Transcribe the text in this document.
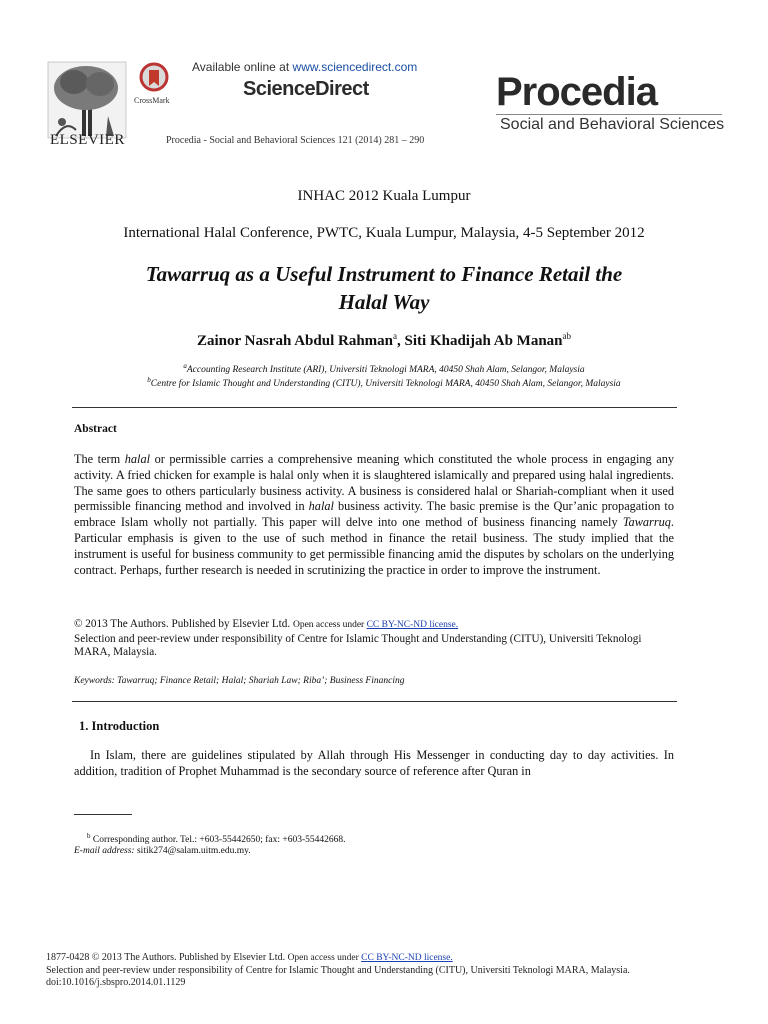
ELSEVIER
CrossMark
Available online at www.sciencedirect.com
ScienceDirect
Procedia - Social and Behavioral Sciences 121 (2014) 281 – 290
Procedia
Social and Behavioral Sciences
INHAC 2012 Kuala Lumpur
International Halal Conference, PWTC, Kuala Lumpur, Malaysia, 4-5 September 2012
Tawarruq as a Useful Instrument to Finance Retail the
Halal Way
Zainor Nasrah Abdul Rahman$^a$, Siti Khadijah Ab Manan$^{ab}$
$^a$Accounting Research Institute (ARI), Universiti Teknologi MARA, 40450 Shah Alam, Selangor, Malaysia
$^b$Centre for Islamic Thought and Understanding (CITU), Universiti Teknologi MARA, 40450 Shah Alam, Selangor, Malaysia
Abstract
The term halal or permissible carries a comprehensive meaning which constituted the whole process in engaging any activity. A fried chicken for example is halal only when it is slaughtered islamically and prepared using halal ingredients. The same goes to others particularly business activity. A business is considered halal or Shariah-compliant when it used permissible financing method and involved in halal business activity. The basic premise is the Qur’anic propagation to embrace Islam wholly not partially. This paper will delve into one method of business financing namely Tawarruq. Particular emphasis is given to the use of such method in finance the retail business. The study implied that the instrument is useful for business community to get permissible financing amid the disputes by scholars on the underlying contract. Perhaps, further research is needed in scrutinizing the practice in order to improve the instrument.
© 2013 The Authors. Published by Elsevier Ltd. Open access under CC BY-NC-ND license.
Selection and peer-review under responsibility of Centre for Islamic Thought and Understanding (CITU), Universiti Teknologi MARA, Malaysia.
Keywords: Tawarruq; Finance Retail; Halal; Shariah Law; Riba’; Business Financing
1. Introduction
In Islam, there are guidelines stipulated by Allah through His Messenger in conducting day to day activities. In addition, tradition of Prophet Muhammad is the secondary source of reference after Quran in
$^b$ Corresponding author. Tel.: +603-55442650; fax: +603-55442668.
E-mail address: sitik274@salam.uitm.edu.my.
1877-0428 © 2013 The Authors. Published by Elsevier Ltd. Open access under CC BY-NC-ND license.
Selection and peer-review under responsibility of Centre for Islamic Thought and Understanding (CITU), Universiti Teknologi MARA, Malaysia.
doi:10.1016/j.sbspro.2014.01.1129
